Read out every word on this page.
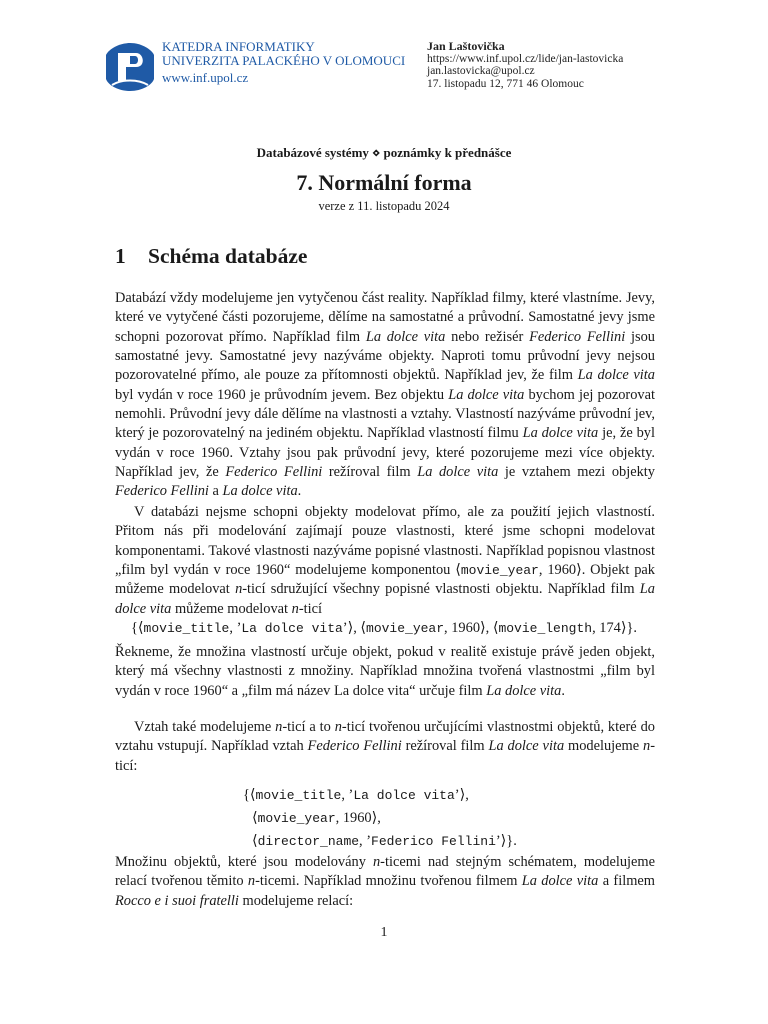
KATEDRA INFORMATIKY
UNIVERZITA PALACKÉHO V OLOMOUCI
www.inf.upol.cz
Jan Laštovička
https://www.inf.upol.cz/lide/jan-lastovicka
jan.lastovicka@upol.cz
17. listopadu 12, 771 46 Olomouc
Databázové systémy ⋄ poznámky k přednášce
7. Normální forma
verze z 11. listopadu 2024
1 Schéma databáze

Databází vždy modelujeme jen vytyčenou část reality. Například filmy, které vlastníme. Jevy, které ve vytyčené části pozorujeme, dělíme na samostatné a průvodní. Samostatné jevy jsme schopni pozorovat přímo. Například film La dolce vita nebo režisér Federico Fellini jsou samostatné jevy. Samostatné jevy nazýváme objekty. Naproti tomu průvodní jevy nejsou pozorovatelné přímo, ale pouze za přítomnosti objektů. Například jev, že film La dolce vita byl vydán v roce 1960 je průvodním jevem. Bez objektu La dolce vita bychom jej pozorovat nemohli. Průvodní jevy dále dělíme na vlastnosti a vztahy. Vlastností nazýváme průvodní jev, který je pozorovatelný na jediném objektu. Například vlastností filmu La dolce vita je, že byl vydán v roce 1960. Vztahy jsou pak průvodní jevy, které pozorujeme mezi více objekty. Například jev, že Federico Fellini režíroval film La dolce vita je vztahem mezi objekty Federico Fellini a La dolce vita.

V databázi nejsme schopni objekty modelovat přímo, ale za použití jejich vlastností. Přitom nás při modelování zajímají pouze vlastnosti, které jsme schopni modelovat komponentami. Takové vlastnosti nazýváme popisné vlastnosti. Například popisnou vlastnost „film byl vydán v roce 1960“ modelujeme komponentou ⟨movie_year, 1960⟩. Objekt pak můžeme modelovat n-ticí sdružující všechny popisné vlastnosti objektu. Například film La dolce vita můžeme modelovat n-ticí

{⟨movie_title, ’La dolce vita’⟩, ⟨movie_year, 1960⟩, ⟨movie_length, 174⟩}.

Řekneme, že množina vlastností určuje objekt, pokud v realitě existuje právě jeden objekt, který má všechny vlastnosti z množiny. Například množina tvořená vlastnostmi „film byl vydán v roce 1960“ a „film má název La dolce vita“ určuje film La dolce vita.

Vztah také modelujeme n-ticí a to n-ticí tvořenou určujícími vlastnostmi objektů, které do vztahu vstupují. Například vztah Federico Fellini režíroval film La dolce vita modelujeme n-ticí:

{⟨movie_title, ’La dolce vita’⟩,
⟨movie_year, 1960⟩,
⟨director_name, ’Federico Fellini’⟩}.

Množinu objektů, které jsou modelovány n-ticemi nad stejným schématem, modelujeme relací tvořenou těmito n-ticemi. Například množinu tvořenou filmem La dolce vita a filmem Rocco e i suoi fratelli modelujeme relací:

1
